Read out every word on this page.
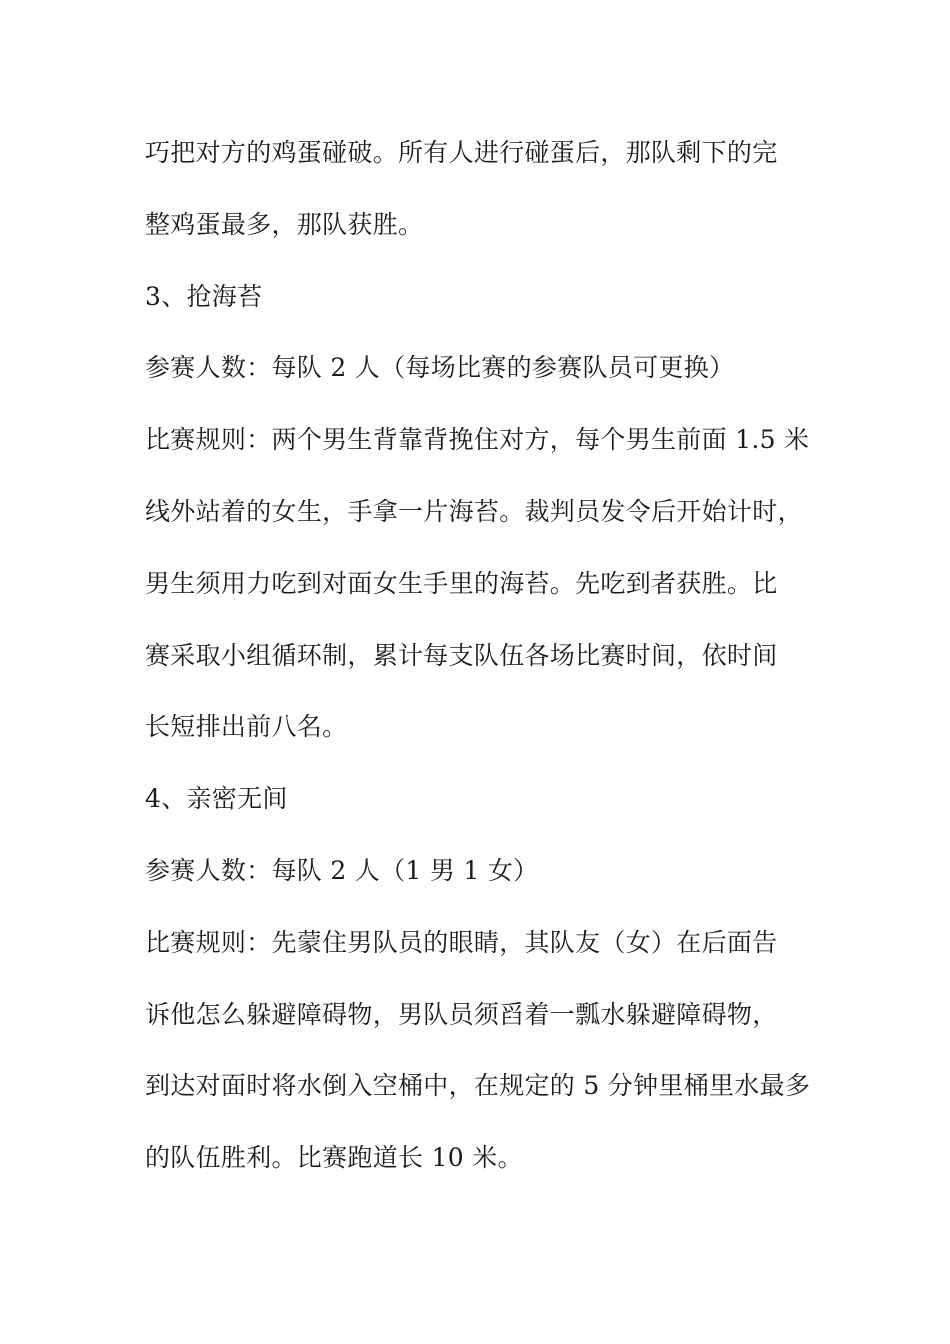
巧把对方的鸡蛋碰破。所有人进行碰蛋后，那队剩下的完
整鸡蛋最多，那队获胜。
3、抢海苔
参赛人数：每队 2 人（每场比赛的参赛队员可更换）
比赛规则：两个男生背靠背挽住对方，每个男生前面 1.5 米
线外站着的女生，手拿一片海苔。裁判员发令后开始计时，
男生须用力吃到对面女生手里的海苔。先吃到者获胜。比
赛采取小组循环制，累计每支队伍各场比赛时间，依时间
长短排出前八名。
4、亲密无间
参赛人数：每队 2 人（1 男 1 女）
比赛规则：先蒙住男队员的眼睛，其队友（女）在后面告
诉他怎么躲避障碍物，男队员须舀着一瓢水躲避障碍物，
到达对面时将水倒入空桶中，在规定的 5 分钟里桶里水最多
的队伍胜利。比赛跑道长 10 米。
